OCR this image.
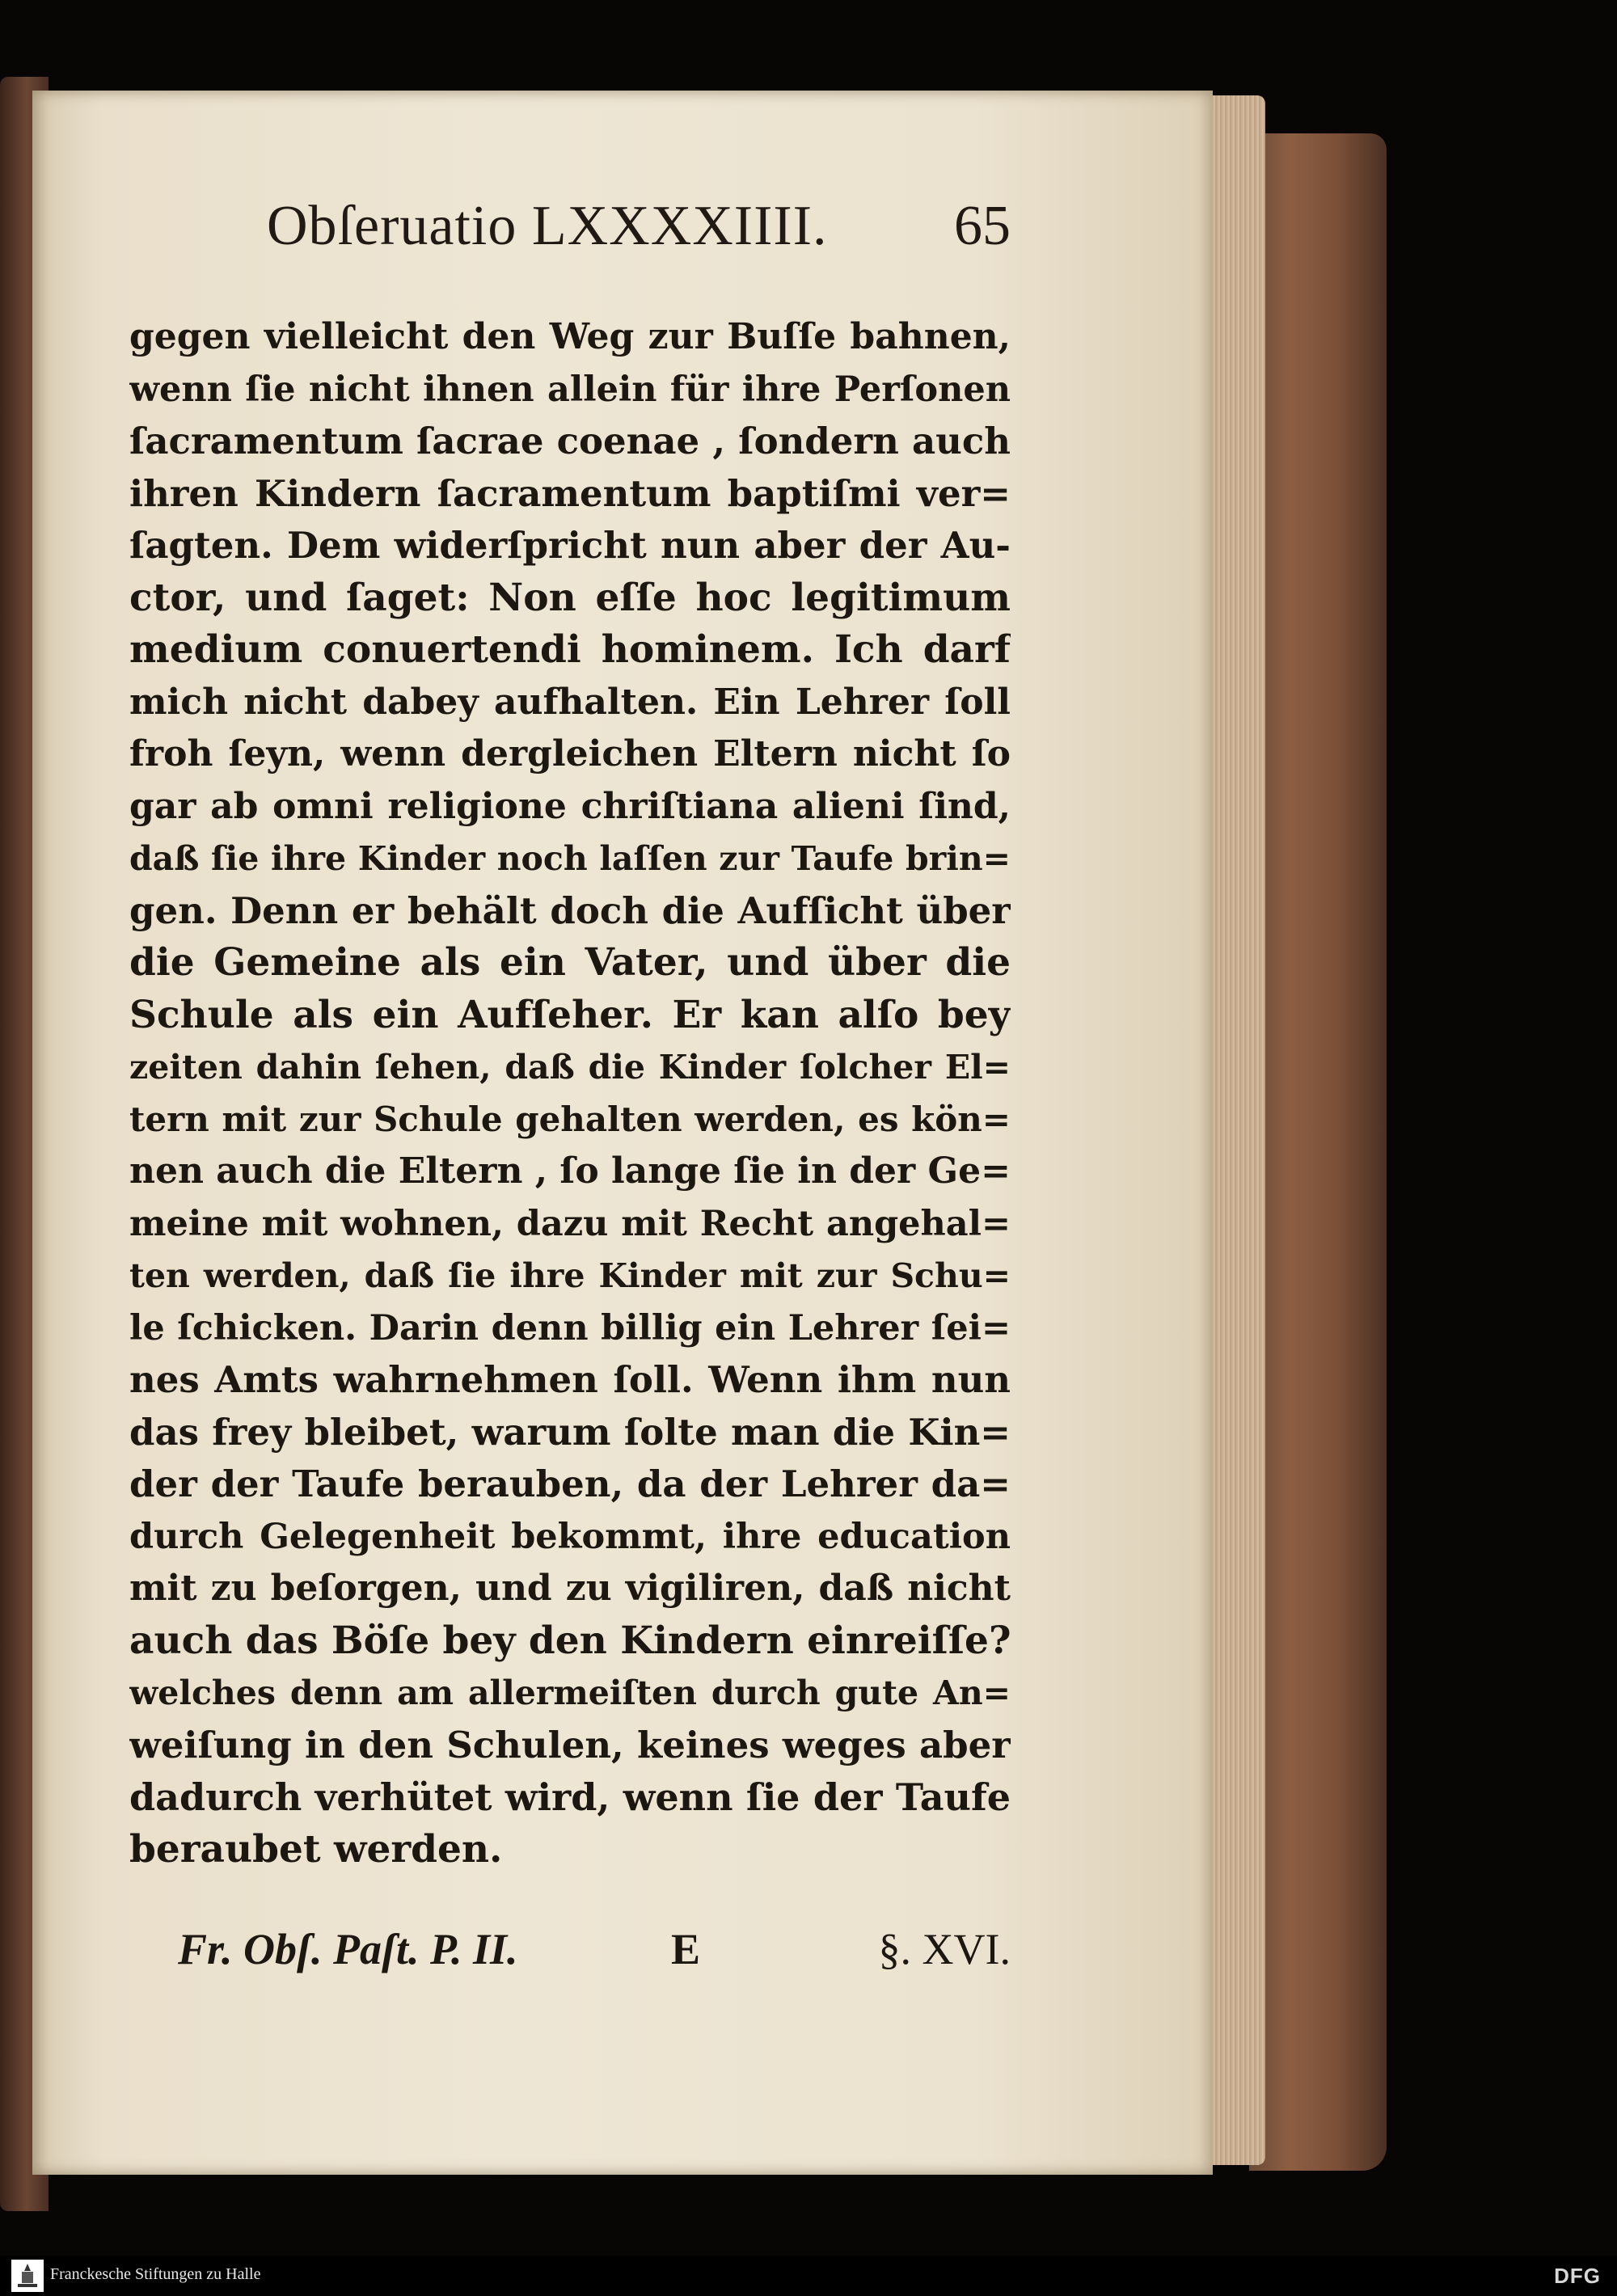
Obſeruatio LXXXXIIII. 65
gegen vielleicht den Weg zur Buſſe bahnen,
wenn ſie nicht ihnen allein für ihre Perſonen
ſacramentum ſacrae coenae , ſondern auch
ihren Kindern ſacramentum baptiſmi ver=
ſagten. Dem widerſpricht nun aber der Au-
ctor, und ſaget: Non eſſe hoc legitimum
medium conuertendi hominem. Ich darf
mich nicht dabey aufhalten. Ein Lehrer ſoll
froh ſeyn, wenn dergleichen Eltern nicht ſo
gar ab omni religione chriſtiana alieni ſind,
daß ſie ihre Kinder noch laſſen zur Taufe brin=
gen. Denn er behält doch die Aufſicht über
die Gemeine als ein Vater, und über die
Schule als ein Aufſeher. Er kan alſo bey
zeiten dahin ſehen, daß die Kinder ſolcher El=
tern mit zur Schule gehalten werden, es kön=
nen auch die Eltern , ſo lange ſie in der Ge=
meine mit wohnen, dazu mit Recht angehal=
ten werden, daß ſie ihre Kinder mit zur Schu=
le ſchicken. Darin denn billig ein Lehrer ſei=
nes Amts wahrnehmen ſoll. Wenn ihm nun
das frey bleibet, warum ſolte man die Kin=
der der Taufe berauben, da der Lehrer da=
durch Gelegenheit bekommt, ihre education
mit zu beſorgen, und zu vigiliren, daß nicht
auch das Böſe bey den Kindern einreiſſe?
welches denn am allermeiſten durch gute An=
weiſung in den Schulen, keines weges aber
dadurch verhütet wird, wenn ſie der Taufe
beraubet werden.
Fr. Obſ. Paſt. P. II.	E	§. XVI.
Franckesche Stiftungen zu Halle	DFG
